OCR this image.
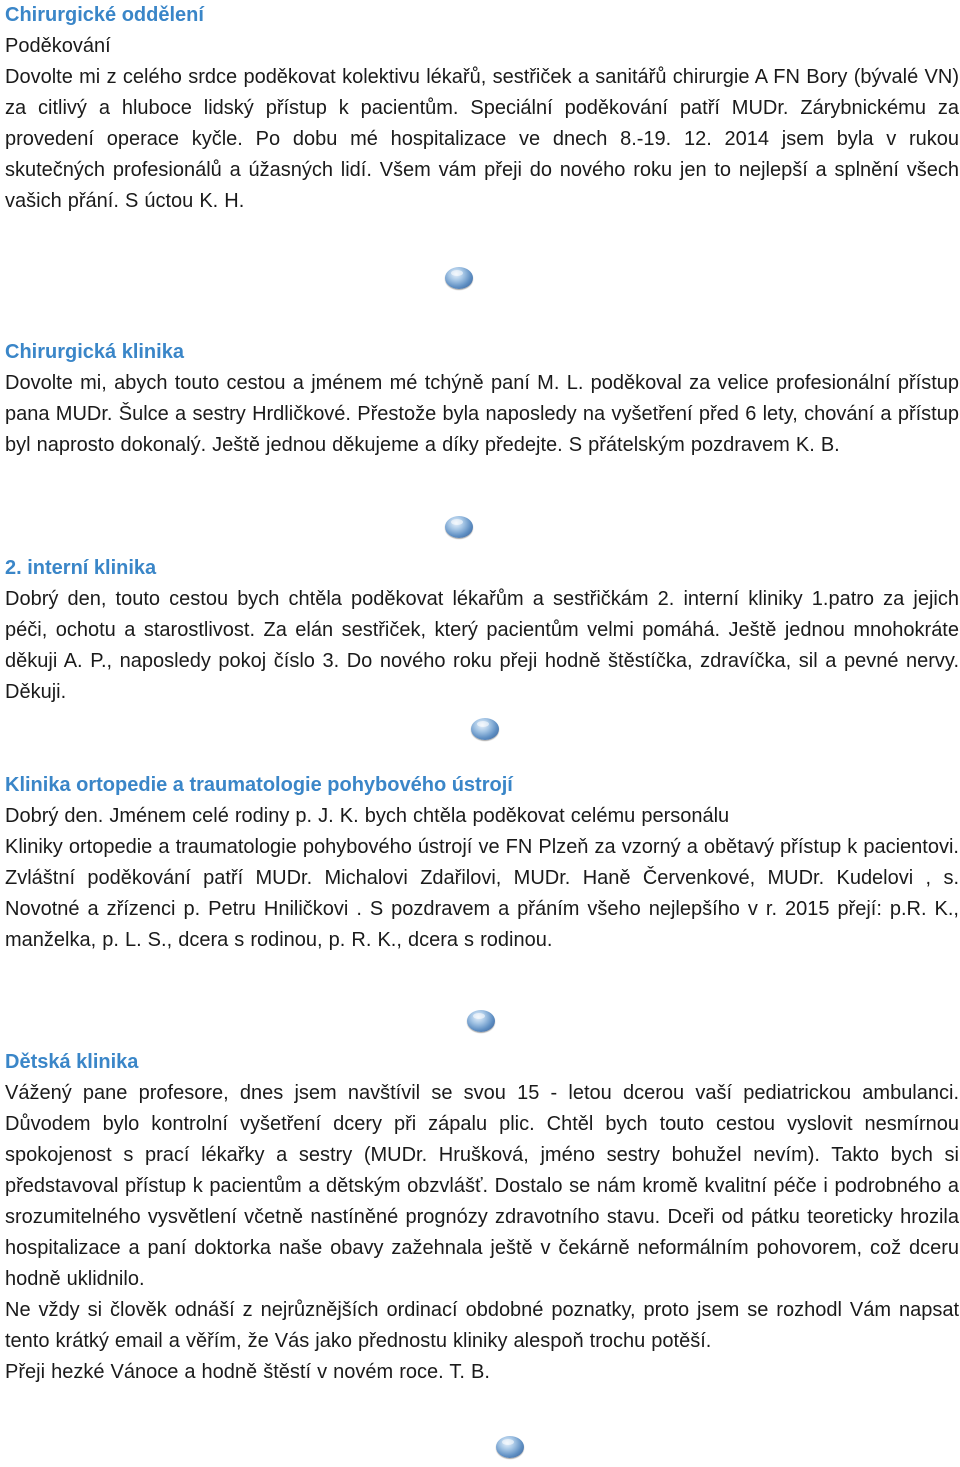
Chirurgické oddělení

Poděkování

Dovolte mi z celého srdce poděkovat kolektivu lékařů, sestřiček a sanitářů chirurgie A FN Bory (bývalé VN) za citlivý a hluboce lidský přístup k pacientům. Speciální poděkování patří MUDr. Zárybnickému za provedení operace kyčle. Po dobu mé hospitalizace ve dnech 8.-19. 12. 2014 jsem byla v rukou skutečných profesionálů a úžasných lidí. Všem vám přeji do nového roku jen to nejlepší a splnění všech vašich přání. S úctou K. H.

Chirurgická klinika

Dovolte mi, abych touto cestou a jménem mé tchýně paní M. L. poděkoval za velice profesionální přístup pana MUDr. Šulce a sestry Hrdličkové. Přestože byla naposledy na vyšetření před 6 lety, chování a přístup byl naprosto dokonalý. Ještě jednou děkujeme a díky předejte. S přátelským pozdravem K. B.

2. interní klinika

Dobrý den, touto cestou bych chtěla poděkovat lékařům a sestřičkám 2. interní kliniky 1.patro za jejich péči, ochotu a starostlivost. Za elán sestřiček, který pacientům velmi pomáhá. Ještě jednou mnohokráte děkuji A. P., naposledy pokoj číslo 3. Do nového roku přeji hodně štěstíčka, zdravíčka, sil a pevné nervy. Děkuji.

Klinika ortopedie a traumatologie pohybového ústrojí

Dobrý den. Jménem celé rodiny p. J. K. bych chtěla poděkovat celému personálu

Kliniky ortopedie a traumatologie pohybového ústrojí ve FN Plzeň za vzorný a obětavý přístup k pacientovi. Zvláštní poděkování patří MUDr. Michalovi Zdařilovi, MUDr. Haně Červenkové, MUDr. Kudelovi , s. Novotné a zřízenci p. Petru Hniličkovi . S pozdravem a přáním všeho nejlepšího v r. 2015 přejí: p.R. K., manželka, p. L. S., dcera s rodinou, p. R. K., dcera s rodinou.

Dětská klinika

Vážený pane profesore, dnes jsem navštívil se svou 15 - letou dcerou vaší pediatrickou ambulanci. Důvodem bylo kontrolní vyšetření dcery při zápalu plic. Chtěl bych touto cestou vyslovit nesmírnou spokojenost s prací lékařky a sestry (MUDr. Hrušková, jméno sestry bohužel nevím). Takto bych si představoval přístup k pacientům a dětským obzvlášť. Dostalo se nám kromě kvalitní péče i podrobného a srozumitelného vysvětlení včetně nastíněné prognózy zdravotního stavu. Dceři od pátku teoreticky hrozila hospitalizace a paní doktorka naše obavy zažehnala ještě v čekárně neformálním pohovorem, což dceru hodně uklidnilo.

Ne vždy si člověk odnáší z nejrůznějších ordinací obdobné poznatky, proto jsem se rozhodl Vám napsat tento krátký email a věřím, že Vás jako přednostu kliniky alespoň trochu potěší.

Přeji hezké Vánoce a hodně štěstí v novém roce. T. B.
